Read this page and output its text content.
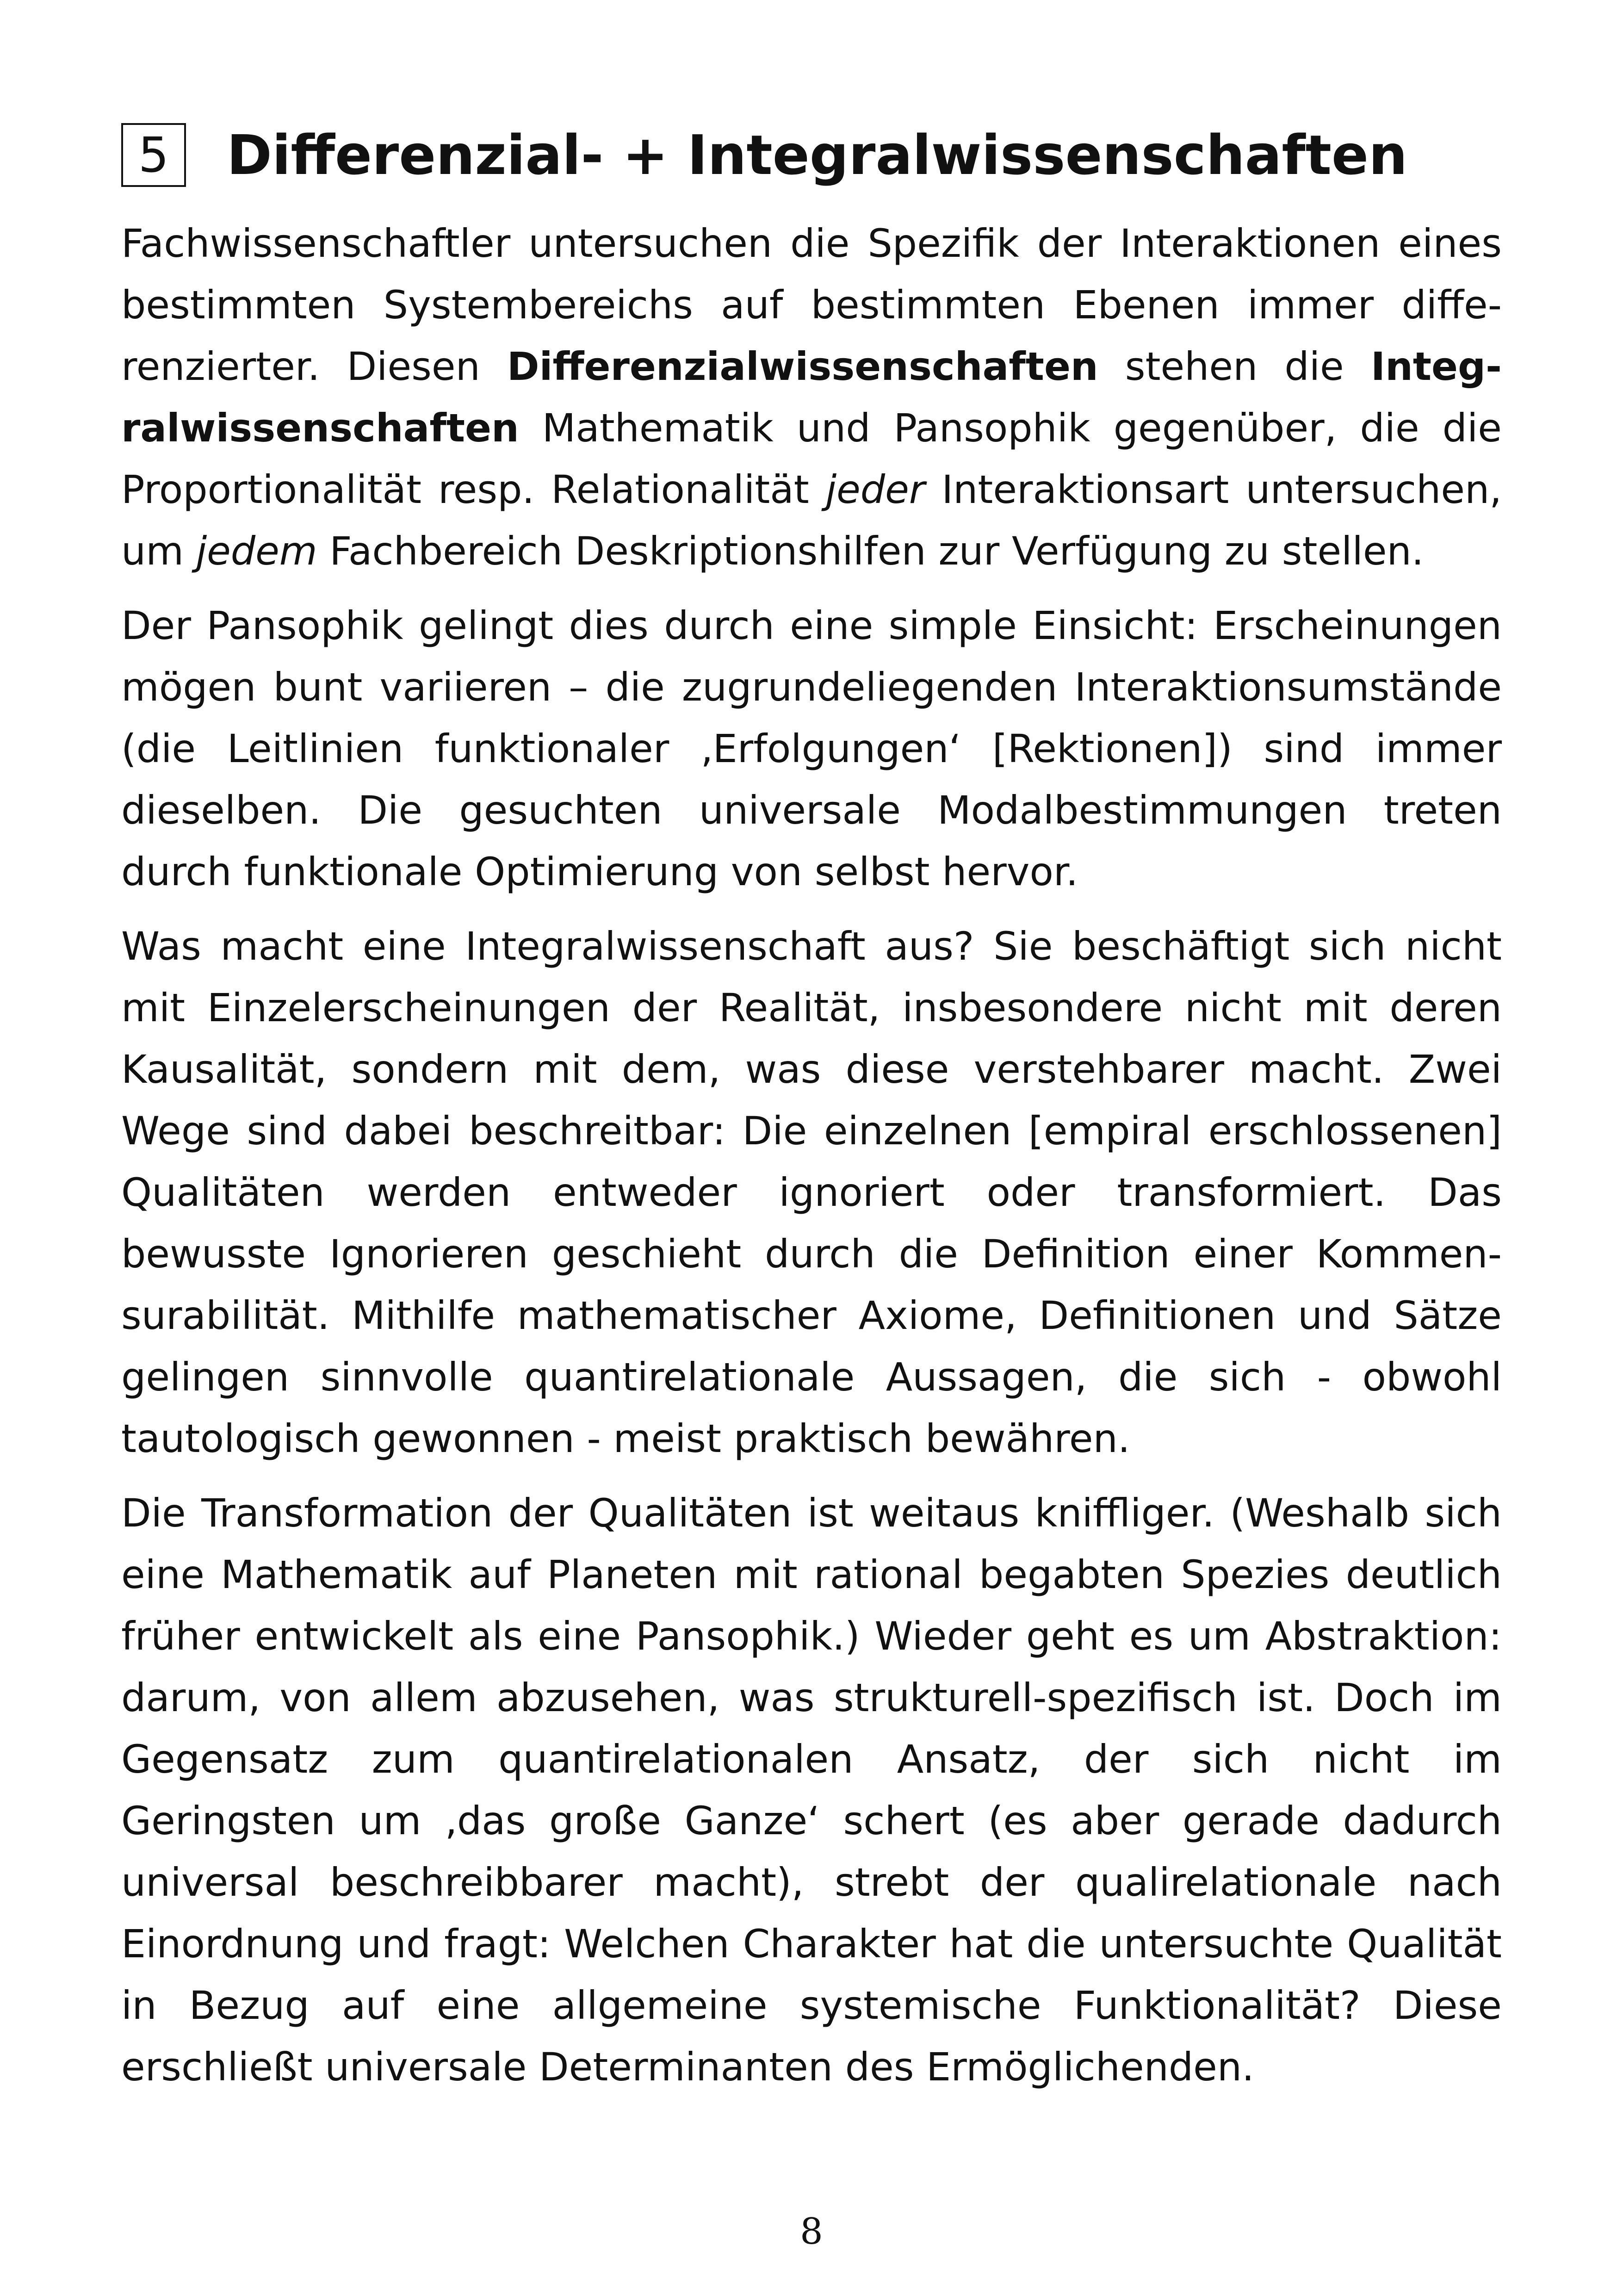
5 Differenzial- + Integralwissenschaften

Fachwissenschaftler untersuchen die Spezifik der Interaktionen eines bestimmten Systembereichs auf bestimmten Ebenen immer differenzierter. Diesen Differenzialwissenschaften stehen die Integralwissenschaften Mathematik und Pansophik gegenüber, die die Proportionalität resp. Relationalität jeder Interaktionsart untersuchen, um jedem Fachbereich Deskriptionshilfen zur Verfügung zu stellen.

Der Pansophik gelingt dies durch eine simple Einsicht: Erscheinungen mögen bunt variieren – die zugrundeliegenden Interaktionsumstände (die Leitlinien funktionaler ‚Erfolgungen‘ [Rektionen]) sind immer dieselben. Die gesuchten universale Modalbestimmungen treten durch funktionale Optimierung von selbst hervor.

Was macht eine Integralwissenschaft aus? Sie beschäftigt sich nicht mit Einzelerscheinungen der Realität, insbesondere nicht mit deren Kausalität, sondern mit dem, was diese verstehbarer macht. Zwei Wege sind dabei beschreitbar: Die einzelnen [empiral erschlossenen] Qualitäten werden entweder ignoriert oder transformiert. Das bewusste Ignorieren geschieht durch die Definition einer Kommensurabilität. Mithilfe mathematischer Axiome, Definitionen und Sätze gelingen sinnvolle quantirelationale Aussagen, die sich - obwohl tautologisch gewonnen - meist praktisch bewähren.

Die Transformation der Qualitäten ist weitaus kniffliger. (Weshalb sich eine Mathematik auf Planeten mit rational begabten Spezies deutlich früher entwickelt als eine Pansophik.) Wieder geht es um Abstraktion: darum, von allem abzusehen, was strukturell-spezifisch ist. Doch im Gegensatz zum quantirelationalen Ansatz, der sich nicht im Geringsten um ‚das große Ganze‘ schert (es aber gerade dadurch universal beschreibbarer macht), strebt der qualirelationale nach Einordnung und fragt: Welchen Charakter hat die untersuchte Qualität in Bezug auf eine allgemeine systemische Funktionalität? Diese erschließt universale Determinanten des Ermöglichenden.

8
